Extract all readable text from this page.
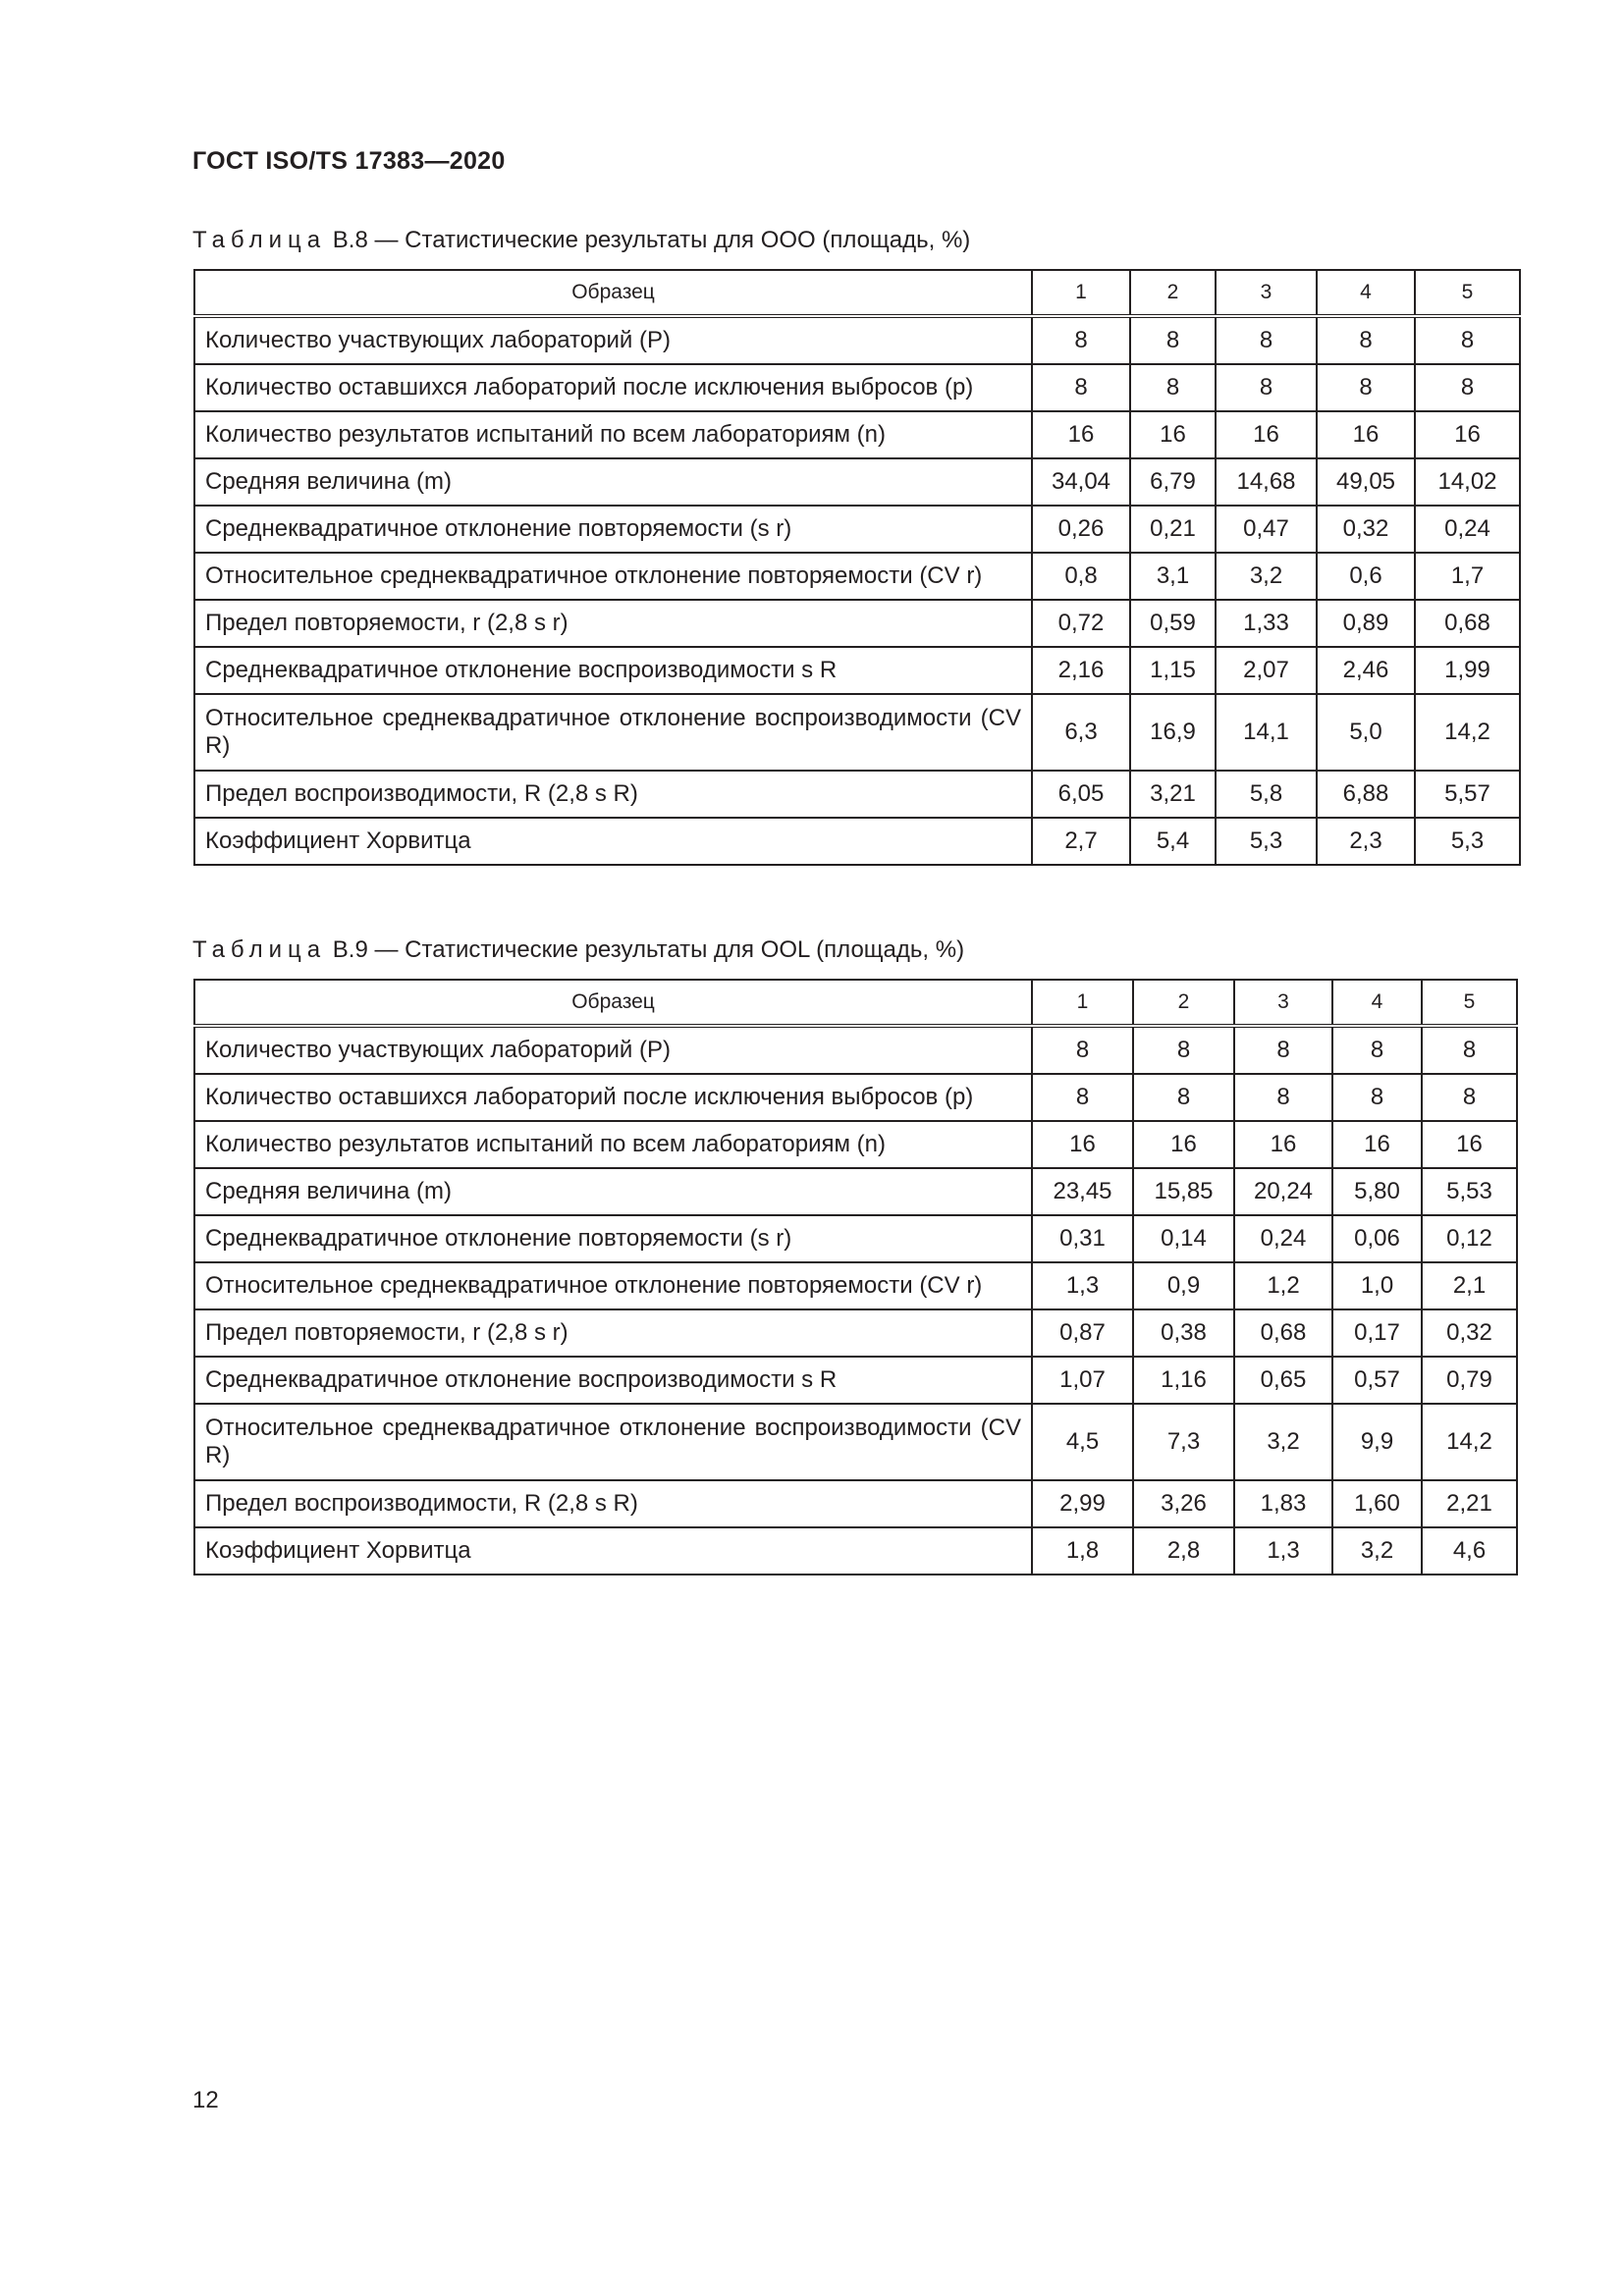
ГОСТ ISO/TS 17383—2020
Таблица B.8 — Статистические результаты для OOO (площадь, %)
Образец	1	2	3	4	5
Количество участвующих лабораторий (P)	8	8	8	8	8
Количество оставшихся лабораторий после исключения выбросов (p)	8	8	8	8	8
Количество результатов испытаний по всем лабораториям (n)	16	16	16	16	16
Средняя величина (m)	34,04	6,79	14,68	49,05	14,02
Среднеквадратичное отклонение повторяемости (s r)	0,26	0,21	0,47	0,32	0,24
Относительное среднеквадратичное отклонение повторяемости (CV r)	0,8	3,1	3,2	0,6	1,7
Предел повторяемости, r (2,8 s r)	0,72	0,59	1,33	0,89	0,68
Среднеквадратичное отклонение воспроизводимости s R	2,16	1,15	2,07	2,46	1,99
Относительное среднеквадратичное отклонение воспроизводимости (CV R)	6,3	16,9	14,1	5,0	14,2
Предел воспроизводимости, R (2,8 s R)	6,05	3,21	5,8	6,88	5,57
Коэффициент Хорвитца	2,7	5,4	5,3	2,3	5,3
Таблица B.9 — Статистические результаты для OOL (площадь, %)
Образец	1	2	3	4	5
Количество участвующих лабораторий (P)	8	8	8	8	8
Количество оставшихся лабораторий после исключения выбросов (p)	8	8	8	8	8
Количество результатов испытаний по всем лабораториям (n)	16	16	16	16	16
Средняя величина (m)	23,45	15,85	20,24	5,80	5,53
Среднеквадратичное отклонение повторяемости (s r)	0,31	0,14	0,24	0,06	0,12
Относительное среднеквадратичное отклонение повторяемости (CV r)	1,3	0,9	1,2	1,0	2,1
Предел повторяемости, r (2,8 s r)	0,87	0,38	0,68	0,17	0,32
Среднеквадратичное отклонение воспроизводимости s R	1,07	1,16	0,65	0,57	0,79
Относительное среднеквадратичное отклонение воспроизводимости (CV R)	4,5	7,3	3,2	9,9	14,2
Предел воспроизводимости, R (2,8 s R)	2,99	3,26	1,83	1,60	2,21
Коэффициент Хорвитца	1,8	2,8	1,3	3,2	4,6
12
